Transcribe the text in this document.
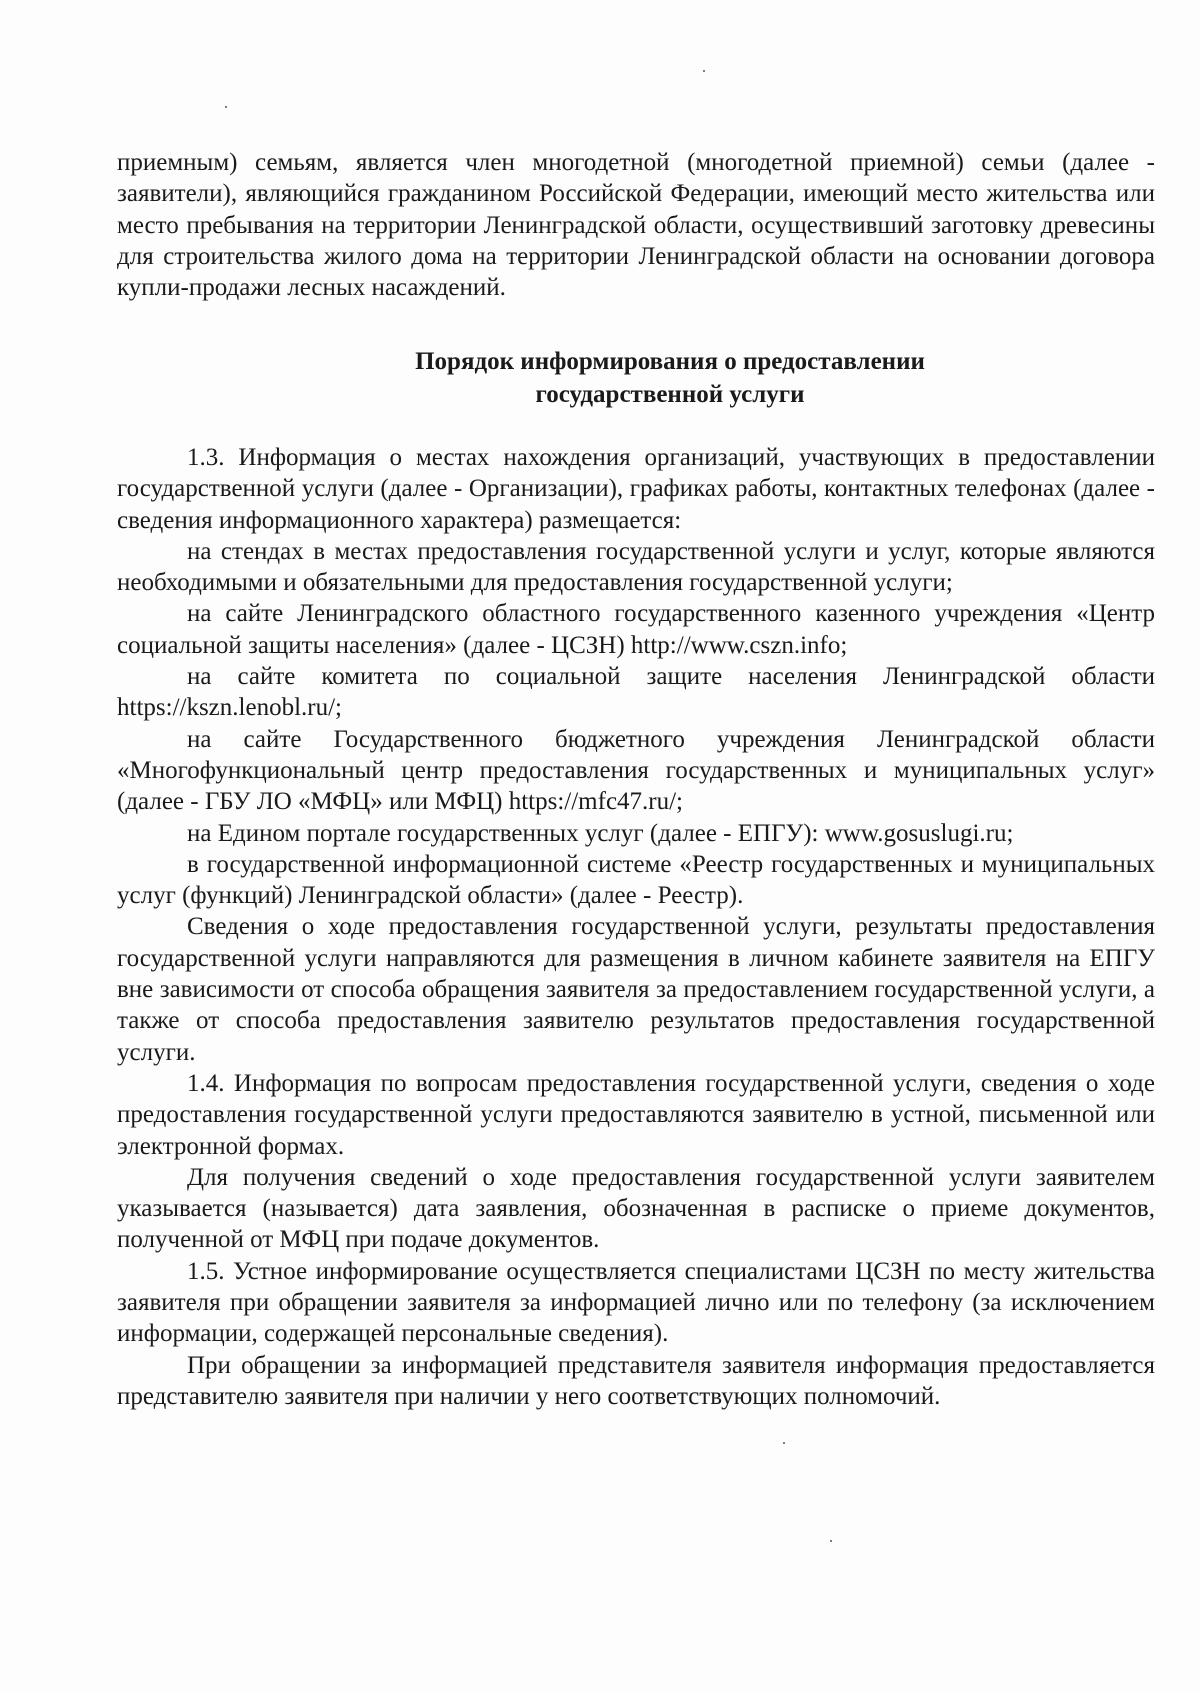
приемным) семьям, является член многодетной (многодетной приемной) семьи (далее - заявители), являющийся гражданином Российской Федерации, имеющий место жительства или место пребывания на территории Ленинградской области, осуществивший заготовку древесины для строительства жилого дома на территории Ленинградской области на основании договора купли-продажи лесных насаждений.
Порядок информирования о предоставлении
государственной услуги

1.3. Информация о местах нахождения организаций, участвующих в предоставлении государственной услуги (далее - Организации), графиках работы, контактных телефонах (далее - сведения информационного характера) размещается:

на стендах в местах предоставления государственной услуги и услуг, которые являются необходимыми и обязательными для предоставления государственной услуги;

на сайте Ленинградского областного государственного казенного учреждения «Центр социальной защиты населения» (далее - ЦСЗН) http://www.cszn.info;

на сайте комитета по социальной защите населения Ленинградской области https://kszn.lenobl.ru/;

на сайте Государственного бюджетного учреждения Ленинградской области «Многофункциональный центр предоставления государственных и муниципальных услуг» (далее - ГБУ ЛО «МФЦ» или МФЦ) https://mfc47.ru/;

на Едином портале государственных услуг (далее - ЕПГУ): www.gosuslugi.ru;

в государственной информационной системе «Реестр государственных и муниципальных услуг (функций) Ленинградской области» (далее - Реестр).

Сведения о ходе предоставления государственной услуги, результаты предоставления государственной услуги направляются для размещения в личном кабинете заявителя на ЕПГУ вне зависимости от способа обращения заявителя за предоставлением государственной услуги, а также от способа предоставления заявителю результатов предоставления государственной услуги.

1.4. Информация по вопросам предоставления государственной услуги, сведения о ходе предоставления государственной услуги предоставляются заявителю в устной, письменной или электронной формах.

Для получения сведений о ходе предоставления государственной услуги заявителем указывается (называется) дата заявления, обозначенная в расписке о приеме документов, полученной от МФЦ при подаче документов.

1.5. Устное информирование осуществляется специалистами ЦСЗН по месту жительства заявителя при обращении заявителя за информацией лично или по телефону (за исключением информации, содержащей персональные сведения).

При обращении за информацией представителя заявителя информация предоставляется представителю заявителя при наличии у него соответствующих полномочий.
